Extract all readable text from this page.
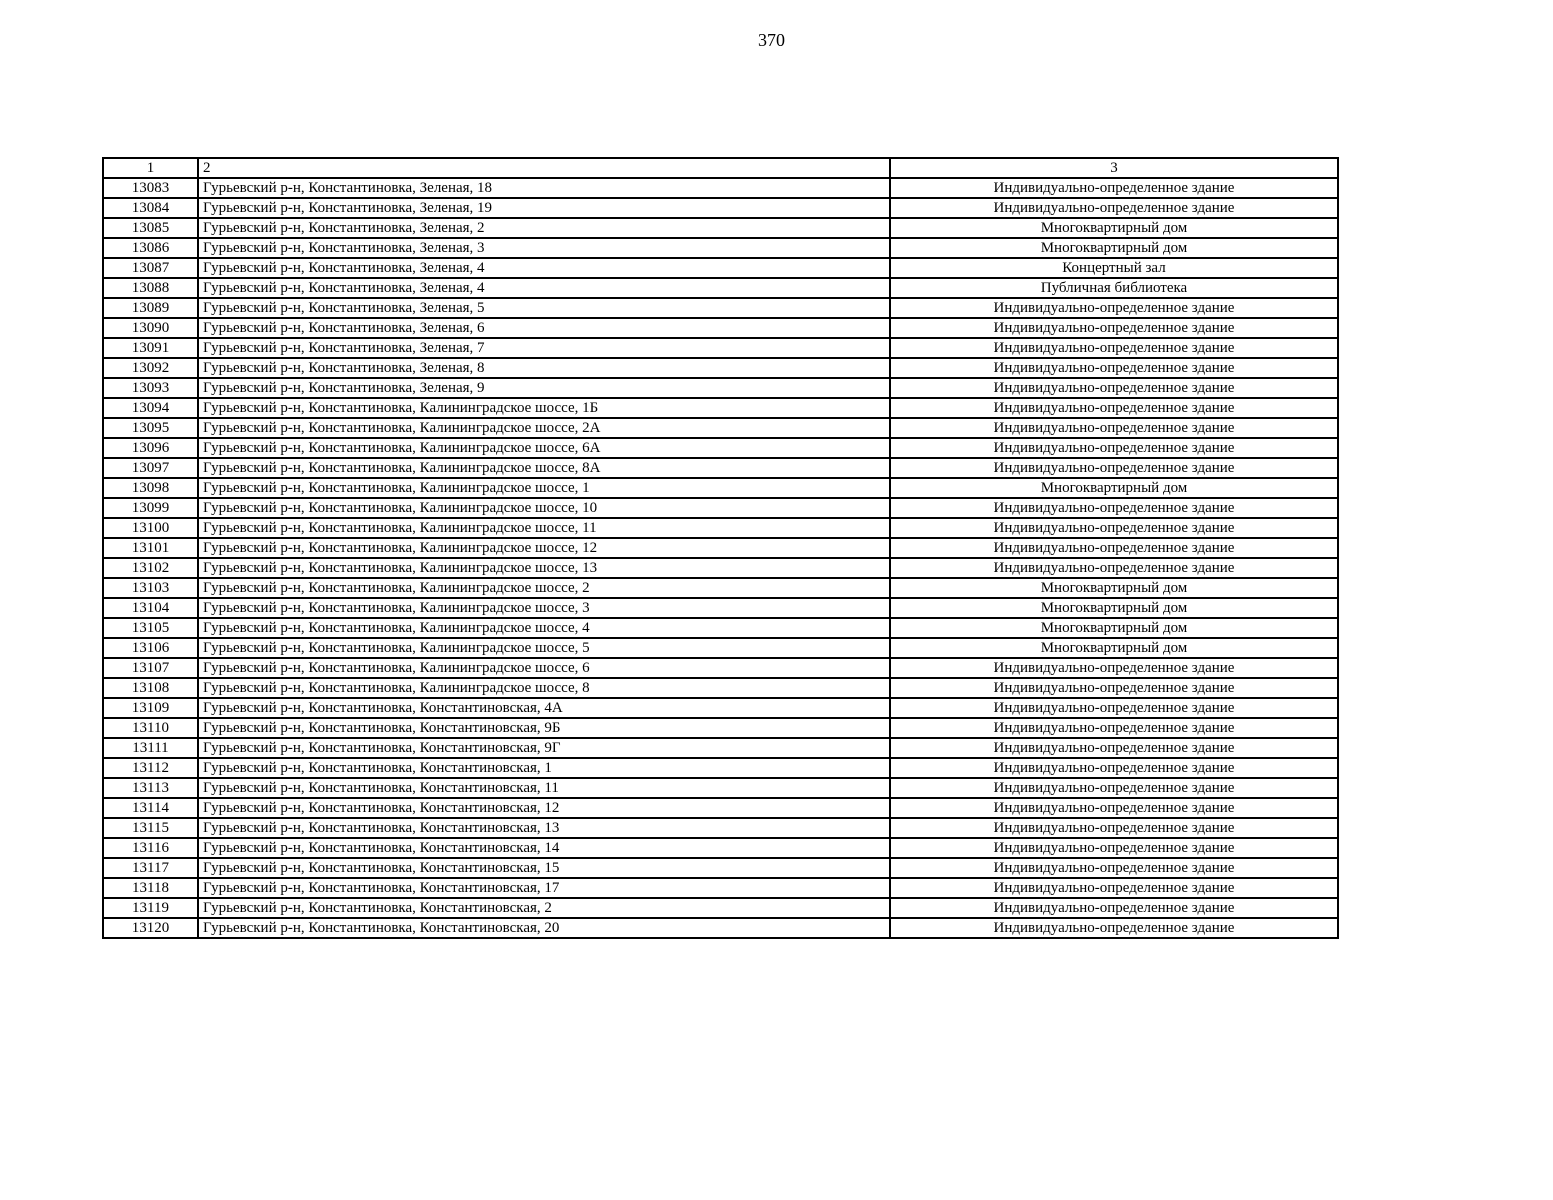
370
1	2	3
13083	Гурьевский р-н, Константиновка, Зеленая, 18	Индивидуально-определенное здание
13084	Гурьевский р-н, Константиновка, Зеленая, 19	Индивидуально-определенное здание
13085	Гурьевский р-н, Константиновка, Зеленая, 2	Многоквартирный дом
13086	Гурьевский р-н, Константиновка, Зеленая, 3	Многоквартирный дом
13087	Гурьевский р-н, Константиновка, Зеленая, 4	Концертный зал
13088	Гурьевский р-н, Константиновка, Зеленая, 4	Публичная библиотека
13089	Гурьевский р-н, Константиновка, Зеленая, 5	Индивидуально-определенное здание
13090	Гурьевский р-н, Константиновка, Зеленая, 6	Индивидуально-определенное здание
13091	Гурьевский р-н, Константиновка, Зеленая, 7	Индивидуально-определенное здание
13092	Гурьевский р-н, Константиновка, Зеленая, 8	Индивидуально-определенное здание
13093	Гурьевский р-н, Константиновка, Зеленая, 9	Индивидуально-определенное здание
13094	Гурьевский р-н, Константиновка, Калининградское шоссе, 1Б	Индивидуально-определенное здание
13095	Гурьевский р-н, Константиновка, Калининградское шоссе, 2А	Индивидуально-определенное здание
13096	Гурьевский р-н, Константиновка, Калининградское шоссе, 6А	Индивидуально-определенное здание
13097	Гурьевский р-н, Константиновка, Калининградское шоссе, 8А	Индивидуально-определенное здание
13098	Гурьевский р-н, Константиновка, Калининградское шоссе, 1	Многоквартирный дом
13099	Гурьевский р-н, Константиновка, Калининградское шоссе, 10	Индивидуально-определенное здание
13100	Гурьевский р-н, Константиновка, Калининградское шоссе, 11	Индивидуально-определенное здание
13101	Гурьевский р-н, Константиновка, Калининградское шоссе, 12	Индивидуально-определенное здание
13102	Гурьевский р-н, Константиновка, Калининградское шоссе, 13	Индивидуально-определенное здание
13103	Гурьевский р-н, Константиновка, Калининградское шоссе, 2	Многоквартирный дом
13104	Гурьевский р-н, Константиновка, Калининградское шоссе, 3	Многоквартирный дом
13105	Гурьевский р-н, Константиновка, Калининградское шоссе, 4	Многоквартирный дом
13106	Гурьевский р-н, Константиновка, Калининградское шоссе, 5	Многоквартирный дом
13107	Гурьевский р-н, Константиновка, Калининградское шоссе, 6	Индивидуально-определенное здание
13108	Гурьевский р-н, Константиновка, Калининградское шоссе, 8	Индивидуально-определенное здание
13109	Гурьевский р-н, Константиновка, Константиновская, 4А	Индивидуально-определенное здание
13110	Гурьевский р-н, Константиновка, Константиновская, 9Б	Индивидуально-определенное здание
13111	Гурьевский р-н, Константиновка, Константиновская, 9Г	Индивидуально-определенное здание
13112	Гурьевский р-н, Константиновка, Константиновская, 1	Индивидуально-определенное здание
13113	Гурьевский р-н, Константиновка, Константиновская, 11	Индивидуально-определенное здание
13114	Гурьевский р-н, Константиновка, Константиновская, 12	Индивидуально-определенное здание
13115	Гурьевский р-н, Константиновка, Константиновская, 13	Индивидуально-определенное здание
13116	Гурьевский р-н, Константиновка, Константиновская, 14	Индивидуально-определенное здание
13117	Гурьевский р-н, Константиновка, Константиновская, 15	Индивидуально-определенное здание
13118	Гурьевский р-н, Константиновка, Константиновская, 17	Индивидуально-определенное здание
13119	Гурьевский р-н, Константиновка, Константиновская, 2	Индивидуально-определенное здание
13120	Гурьевский р-н, Константиновка, Константиновская, 20	Индивидуально-определенное здание
